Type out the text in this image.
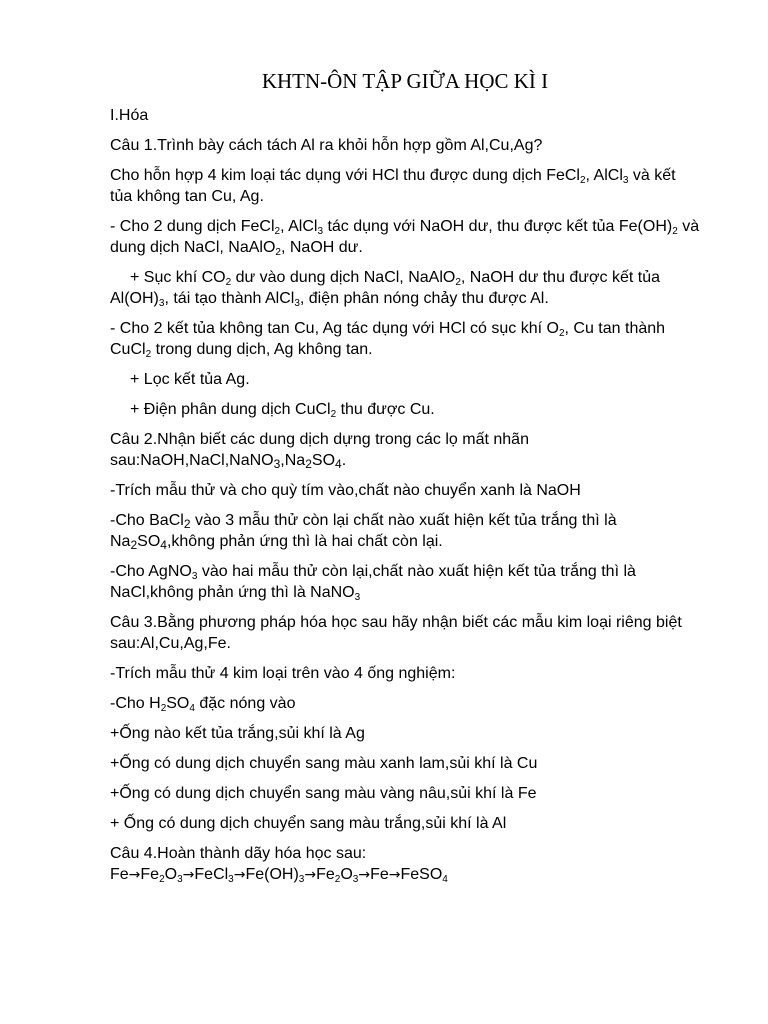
KHTN-ÔN TẬP GIỮA HỌC KÌ I
I.Hóa
Câu 1.Trình bày cách tách Al ra khỏi hỗn hợp gồm Al,Cu,Ag?
Cho hỗn hợp 4 kim loại tác dụng với HCl thu được dung dịch FeCl$_2$, AlCl$_3$ và kết tủa không tan Cu, Ag.
- Cho 2 dung dịch FeCl$_2$, AlCl$_3$ tác dụng với NaOH dư, thu được kết tủa $Fe(OH)_2$ và dung dịch NaCl, NaAlO$_2$, NaOH dư.
+ Sục khí $CO_2$ dư vào dung dịch NaCl, NaAlO$_2$, NaOH dư thu được kết tủa $Al(OH)_3$, tái tạo thành AlCl$_3$, điện phân nóng chảy thu được Al.
- Cho 2 kết tủa không tan Cu, Ag tác dụng với HCl có sục khí $O_2$, Cu tan thành CuCl$_2$ trong dung dịch, Ag không tan.
+ Lọc kết tủa Ag.
+ Điện phân dung dịch CuCl$_2$ thu được Cu.
Câu 2.Nhận biết các dung dịch dựng trong các lọ mất nhãn $sau:NaOH,NaCl,NaNO_3,Na_2SO_4$.
-Trích mẫu thử và cho quỳ tím vào,chất nào chuyển xanh là NaOH
-Cho BaCl$_2$ vào 3 mẫu thử còn lại chất nào xuất hiện kết tủa trắng thì là $Na_2SO_4,không$ phản ứng thì là hai chất còn lại.
-Cho AgNO$_3$ vào hai mẫu thử còn lại,chất nào xuất hiện kết tủa trắng thì là NaCl,không phản ứng thì là NaNO$_3$
Câu 3.Bằng phương pháp hóa học sau hãy nhận biết các mẫu kim loại riêng biệt sau:Al,Cu,Ag,Fe.
-Trích mẫu thử 4 kim loại trên vào 4 ống nghiệm:
-Cho $H_2SO_4$ đặc nóng vào
+Ống nào kết tủa trắng,sủi khí là Ag
+Ống có dung dịch chuyển sang màu xanh lam,sủi khí là Cu
+Ống có dung dịch chuyển sang màu vàng nâu,sủi khí là Fe
+ Ống có dung dịch chuyển sang màu trắng,sủi khí là Al
Câu 4.Hoàn thành dãy hóa học sau:
$Fe\to Fe_2O_3\to FeCl_3\to Fe(OH)_3\to Fe_2O_3\to Fe\to FeSO_4$
